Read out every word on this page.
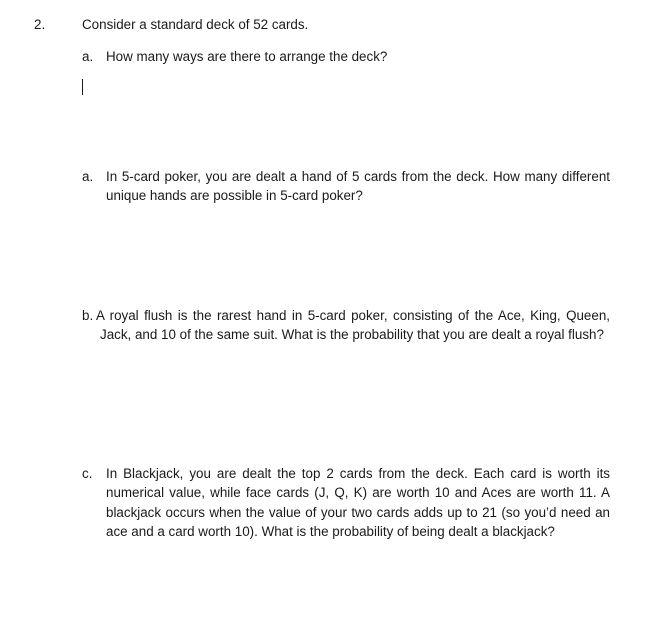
2.	Consider a standard deck of 52 cards.
a. How many ways are there to arrange the deck?
a. In 5-card poker, you are dealt a hand of 5 cards from the deck. How many different unique hands are possible in 5-card poker?
b. A royal flush is the rarest hand in 5-card poker, consisting of the Ace, King, Queen, Jack, and 10 of the same suit. What is the probability that you are dealt a royal flush?
c. In Blackjack, you are dealt the top 2 cards from the deck. Each card is worth its numerical value, while face cards (J, Q, K) are worth 10 and Aces are worth 11. A blackjack occurs when the value of your two cards adds up to 21 (so you’d need an ace and a card worth 10). What is the probability of being dealt a blackjack?
